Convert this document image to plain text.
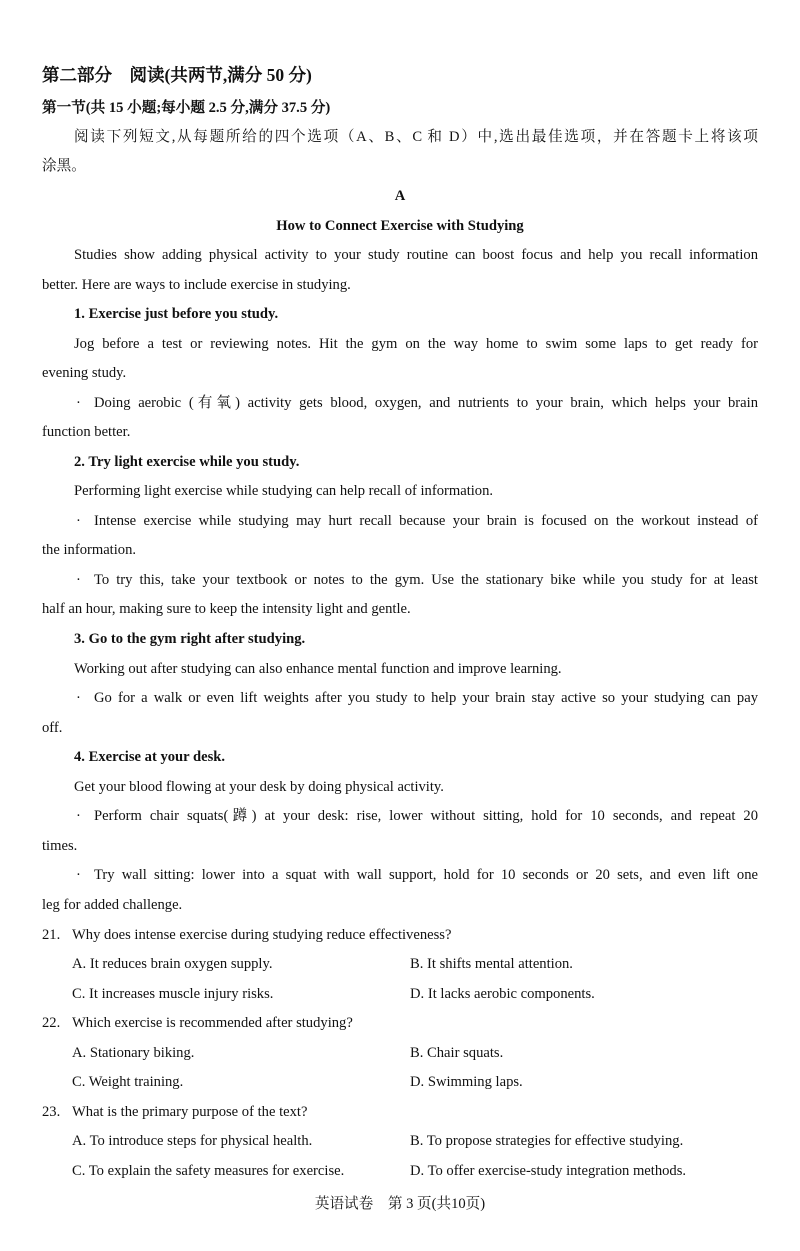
第二部分　阅读(共两节,满分 50 分)
第一节(共 15 小题;每小题 2.5 分,满分 37.5 分)
阅读下列短文,从每题所给的四个选项（A、B、C 和 D）中,选出最佳选项，并在答题卡上将该项
涂黑。
A
How to Connect Exercise with Studying
Studies show adding physical activity to your study routine can boost focus and help you recall information
better. Here are ways to include exercise in studying.
1. Exercise just before you study.
Jog before a test or reviewing notes. Hit the gym on the way home to swim some laps to get ready for
evening study.
· Doing aerobic (有氧) activity gets blood, oxygen, and nutrients to your brain, which helps your brain
function better.
2. Try light exercise while you study.
Performing light exercise while studying can help recall of information.
· Intense exercise while studying may hurt recall because your brain is focused on the workout instead of
the information.
· To try this, take your textbook or notes to the gym. Use the stationary bike while you study for at least
half an hour, making sure to keep the intensity light and gentle.
3. Go to the gym right after studying.
Working out after studying can also enhance mental function and improve learning.
· Go for a walk or even lift weights after you study to help your brain stay active so your studying can pay
off.
4. Exercise at your desk.
Get your blood flowing at your desk by doing physical activity.
· Perform chair squats(蹲) at your desk: rise, lower without sitting, hold for 10 seconds, and repeat 20
times.
· Try wall sitting: lower into a squat with wall support, hold for 10 seconds or 20 sets, and even lift one
leg for added challenge.
21. Why does intense exercise during studying reduce effectiveness?
A. It reduces brain oxygen supply.	B. It shifts mental attention.
C. It increases muscle injury risks.	D. It lacks aerobic components.
22. Which exercise is recommended after studying?
A. Stationary biking.	B. Chair squats.
C. Weight training.	D. Swimming laps.
23. What is the primary purpose of the text?
A. To introduce steps for physical health.	B. To propose strategies for effective studying.
C. To explain the safety measures for exercise.	D. To offer exercise-study integration methods.
英语试卷　第 3 页(共10页)
